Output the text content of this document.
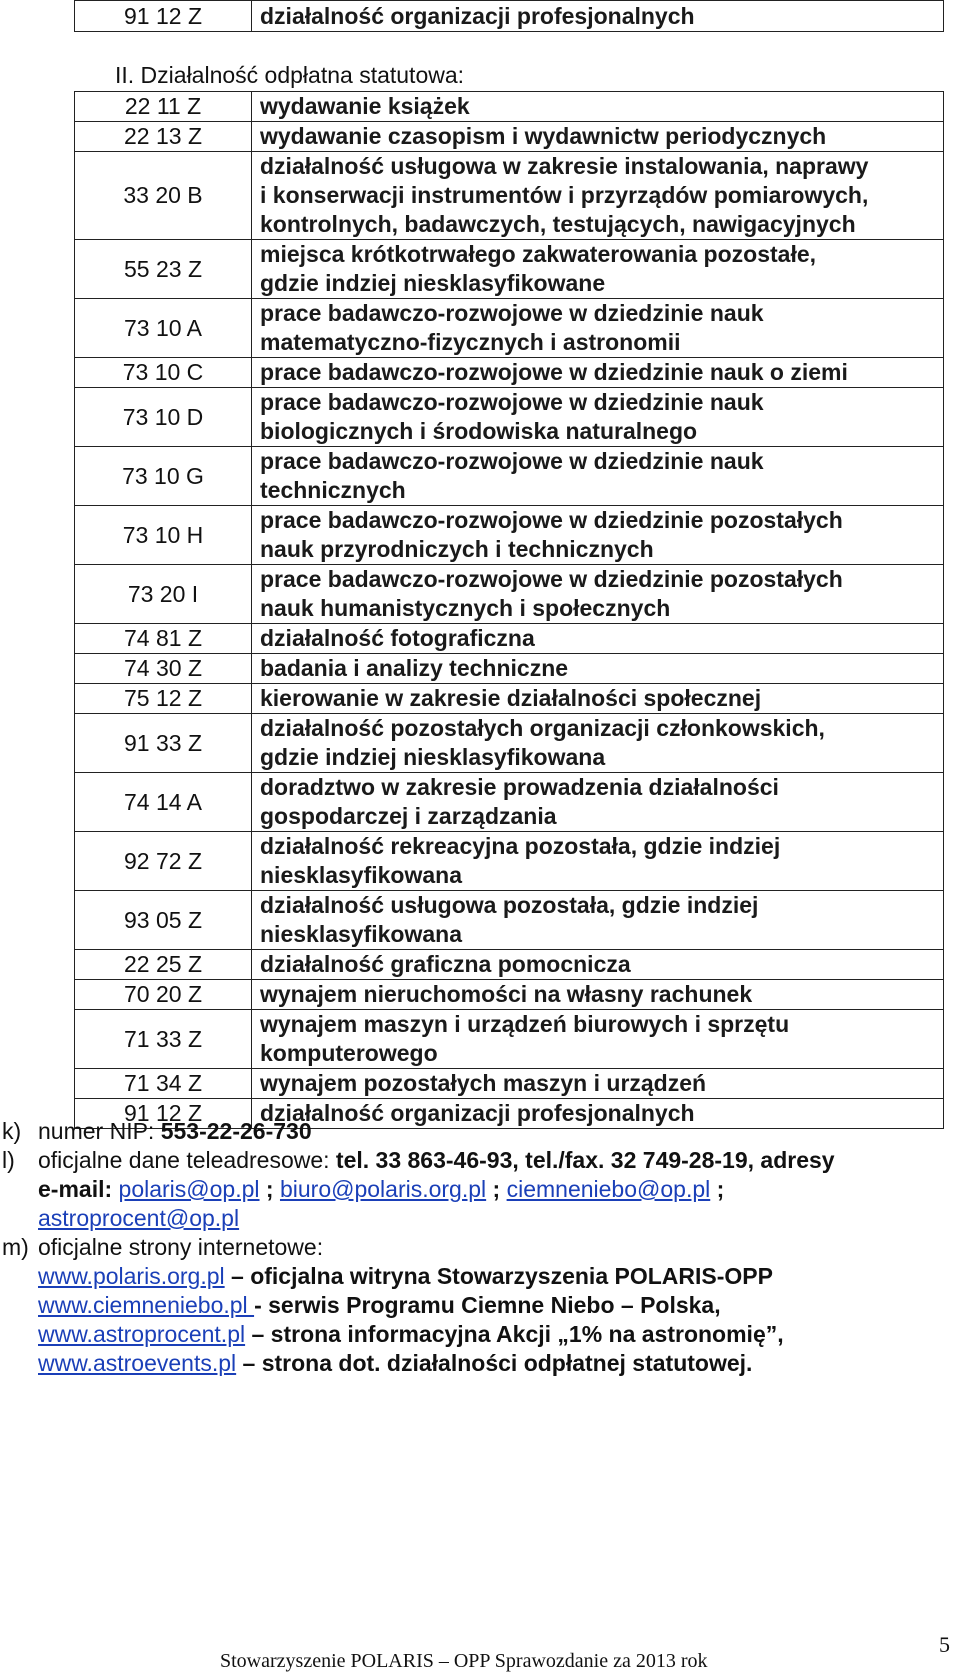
91 12 Z	działalność organizacji profesjonalnych
II. Działalność odpłatna statutowa:
22 11 Z	wydawanie książek

22 13 Z	wydawanie czasopism i wydawnictw periodycznych

33 20 B	działalność usługowa w zakresie instalowania, naprawy
i konserwacji instrumentów i przyrządów pomiarowych,
kontrolnych, badawczych, testujących, nawigacyjnych

55 23 Z	miejsca krótkotrwałego zakwaterowania pozostałe,
gdzie indziej niesklasyfikowane

73 10 A	prace badawczo-rozwojowe w dziedzinie nauk
matematyczno-fizycznych i astronomii

73 10 C	prace badawczo-rozwojowe w dziedzinie nauk o ziemi

73 10 D	prace badawczo-rozwojowe w dziedzinie nauk
biologicznych i środowiska naturalnego

73 10 G	prace badawczo-rozwojowe w dziedzinie nauk
technicznych

73 10 H	prace badawczo-rozwojowe w dziedzinie pozostałych
nauk przyrodniczych i technicznych

73 20 I	prace badawczo-rozwojowe w dziedzinie pozostałych
nauk humanistycznych i społecznych

74 81 Z	działalność fotograficzna

74 30 Z	badania i analizy techniczne

75 12 Z	kierowanie w zakresie działalności społecznej

91 33 Z	działalność pozostałych organizacji członkowskich,
gdzie indziej niesklasyfikowana

74 14 A	doradztwo w zakresie prowadzenia działalności
gospodarczej i zarządzania

92 72 Z	działalność rekreacyjna pozostała, gdzie indziej
niesklasyfikowana

93 05 Z	działalność usługowa pozostała, gdzie indziej
niesklasyfikowana

22 25 Z	działalność graficzna pomocnicza

70 20 Z	wynajem nieruchomości na własny rachunek

71 33 Z	wynajem maszyn i urządzeń biurowych i sprzętu
komputerowego

71 34 Z	wynajem pozostałych maszyn i urządzeń

91 12 Z	działalność organizacji profesjonalnych
k) numer NIP: 553-22-26-730
l) oficjalne dane teleadresowe: tel. 33 863-46-93, tel./fax. 32 749-28-19, adresy
e-mail: polaris@op.pl ; biuro@polaris.org.pl ; ciemneniebo@op.pl ;
astroprocent@op.pl
m) oficjalne strony internetowe:
www.polaris.org.pl – oficjalna witryna Stowarzyszenia POLARIS-OPP
www.ciemneniebo.pl - serwis Programu Ciemne Niebo – Polska,
www.astroprocent.pl – strona informacyjna Akcji „1% na astronomię”,
www.astroevents.pl – strona dot. działalności odpłatnej statutowej.
Stowarzyszenie POLARIS – OPP Sprawozdanie za 2013 rok
5
